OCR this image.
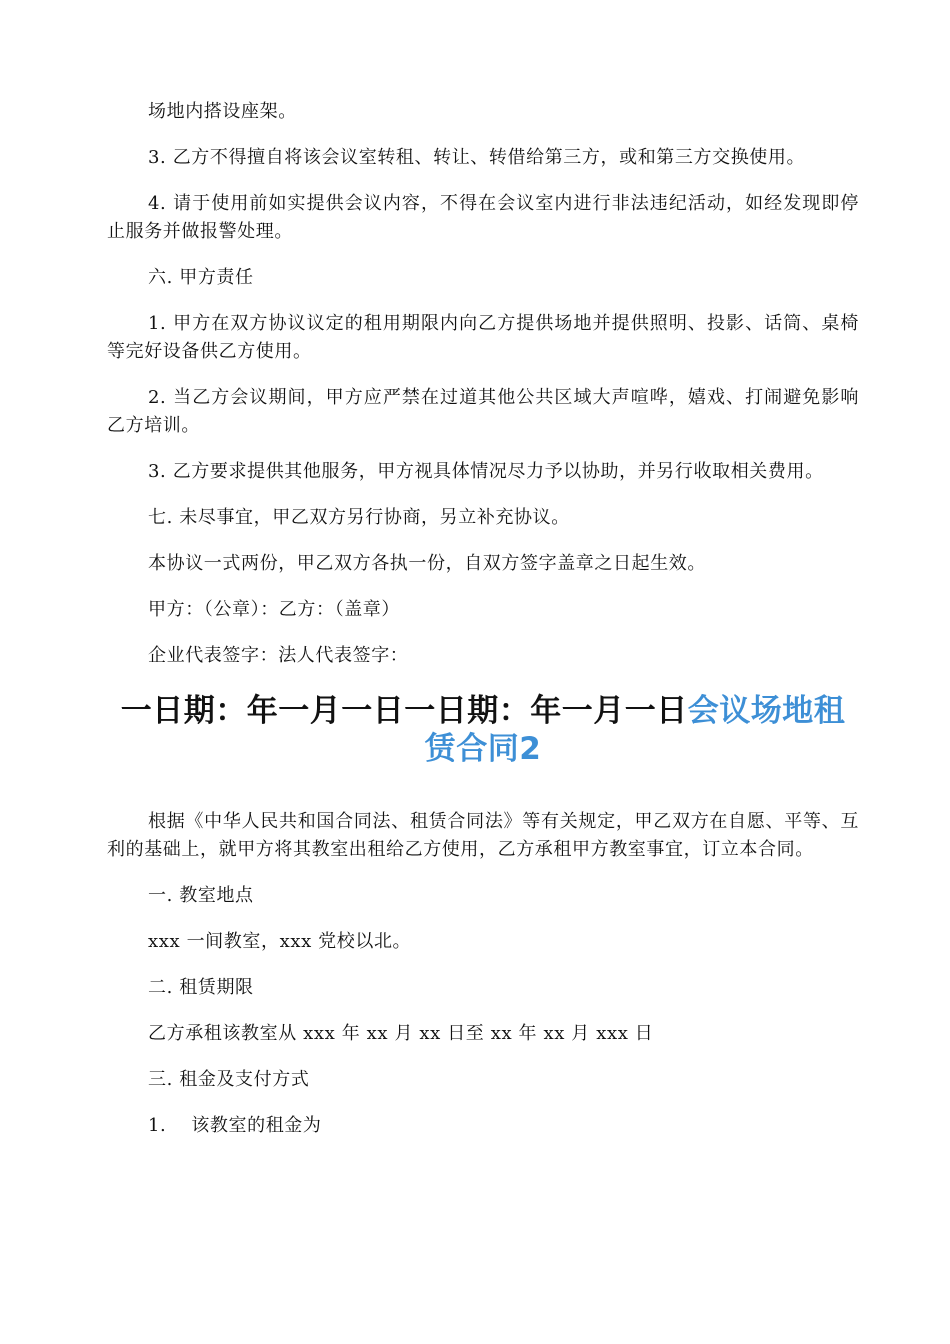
场地内搭设座架。

3. 乙方不得擅自将该会议室转租、转让、转借给第三方，或和第三方交换使用。

4. 请于使用前如实提供会议内容，不得在会议室内进行非法违纪活动，如经发现即停止服务并做报警处理。

六. 甲方责任

1. 甲方在双方协议议定的租用期限内向乙方提供场地并提供照明、投影、话筒、桌椅等完好设备供乙方使用。

2. 当乙方会议期间，甲方应严禁在过道其他公共区域大声喧哗，嬉戏、打闹避免影响乙方培训。

3. 乙方要求提供其他服务，甲方视具体情况尽力予以协助，并另行收取相关费用。

七. 未尽事宜，甲乙双方另行协商，另立补充协议。

本协议一式两份，甲乙双方各执一份，自双方签字盖章之日起生效。

甲方：（公章）：乙方：（盖章）

企业代表签字：法人代表签字：

一日期：年一月一日一日期：年一月一日会议场地租赁合同2

根据《中华人民共和国合同法、租赁合同法》等有关规定，甲乙双方在自愿、平等、互利的基础上，就甲方将其教室出租给乙方使用，乙方承租甲方教室事宜，订立本合同。

一. 教室地点

xxx 一间教室，xxx 党校以北。

二. 租赁期限

乙方承租该教室从 xxx 年 xx 月 xx 日至 xx 年 xx 月 xxx 日

三. 租金及支付方式

1.　 该教室的租金为
